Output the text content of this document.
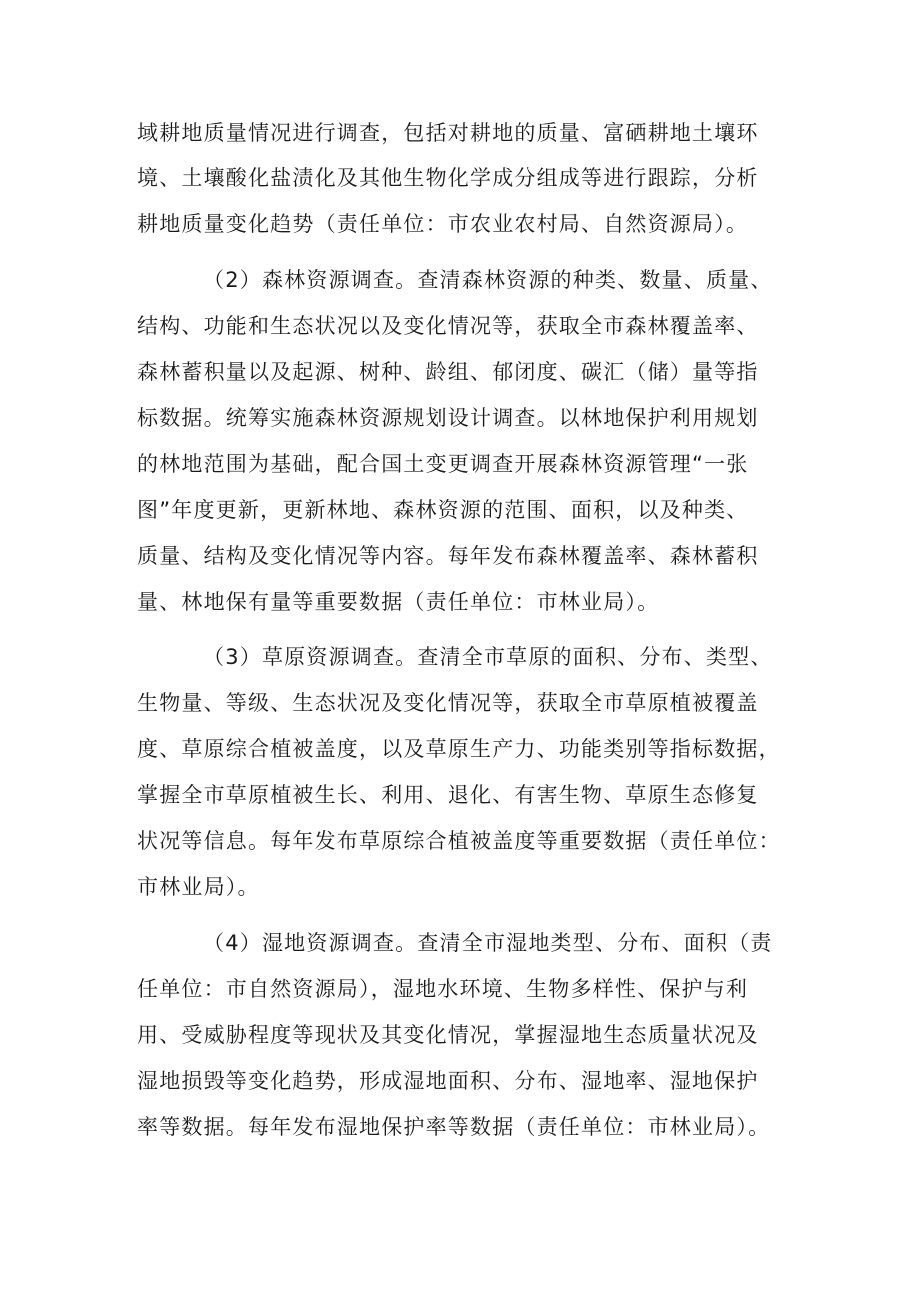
域耕地质量情况进行调查，包括对耕地的质量、富硒耕地土壤环
境、土壤酸化盐渍化及其他生物化学成分组成等进行跟踪，分析
耕地质量变化趋势（责任单位：市农业农村局、自然资源局）。
（2）森林资源调查。查清森林资源的种类、数量、质量、
结构、功能和生态状况以及变化情况等，获取全市森林覆盖率、
森林蓄积量以及起源、树种、龄组、郁闭度、碳汇（储）量等指
标数据。统筹实施森林资源规划设计调查。以林地保护利用规划
的林地范围为基础，配合国土变更调查开展森林资源管理“一张
图”年度更新，更新林地、森林资源的范围、面积，以及种类、
质量、结构及变化情况等内容。每年发布森林覆盖率、森林蓄积
量、林地保有量等重要数据（责任单位：市林业局）。
（3）草原资源调查。查清全市草原的面积、分布、类型、
生物量、等级、生态状况及变化情况等，获取全市草原植被覆盖
度、草原综合植被盖度，以及草原生产力、功能类别等指标数据，
掌握全市草原植被生长、利用、退化、有害生物、草原生态修复
状况等信息。每年发布草原综合植被盖度等重要数据（责任单位：
市林业局）。
（4）湿地资源调查。查清全市湿地类型、分布、面积（责
任单位：市自然资源局），湿地水环境、生物多样性、保护与利
用、受威胁程度等现状及其变化情况，掌握湿地生态质量状况及
湿地损毁等变化趋势，形成湿地面积、分布、湿地率、湿地保护
率等数据。每年发布湿地保护率等数据（责任单位：市林业局）。
